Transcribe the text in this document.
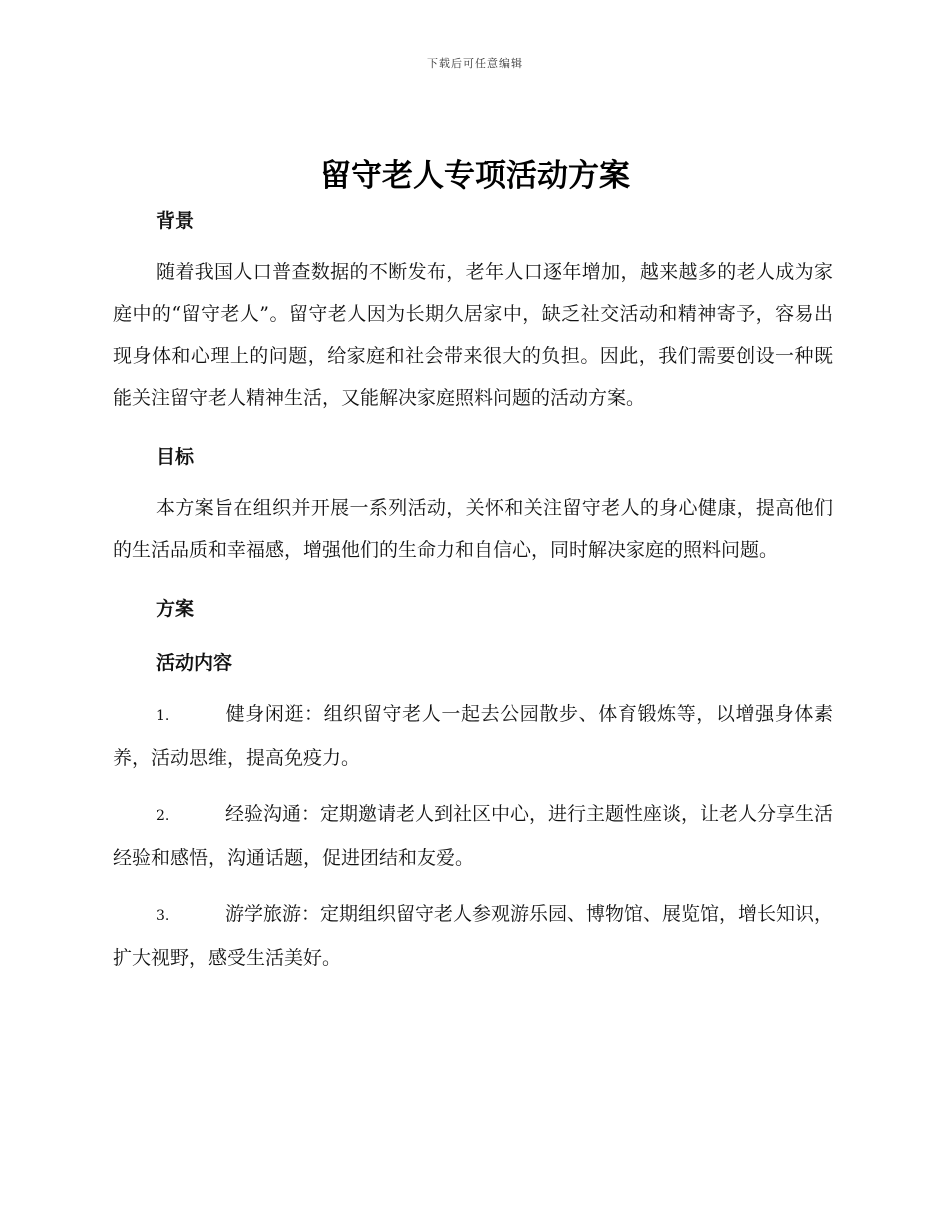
下载后可任意编辑
留守老人专项活动方案

背景

随着我国人口普查数据的不断发布，老年人口逐年增加，越来越多的老人成为家庭中的“留守老人”。留守老人因为长期久居家中，缺乏社交活动和精神寄予，容易出现身体和心理上的问题，给家庭和社会带来很大的负担。因此，我们需要创设一种既能关注留守老人精神生活，又能解决家庭照料问题的活动方案。

目标

本方案旨在组织并开展一系列活动，关怀和关注留守老人的身心健康，提高他们的生活品质和幸福感，增强他们的生命力和自信心，同时解决家庭的照料问题。

方案

活动内容

1.	健身闲逛：组织留守老人一起去公园散步、体育锻炼等，以增强身体素养，活动思维，提高免疫力。

2.	经验沟通：定期邀请老人到社区中心，进行主题性座谈，让老人分享生活经验和感悟，沟通话题，促进团结和友爱。

3.	游学旅游：定期组织留守老人参观游乐园、博物馆、展览馆，增长知识，扩大视野，感受生活美好。
